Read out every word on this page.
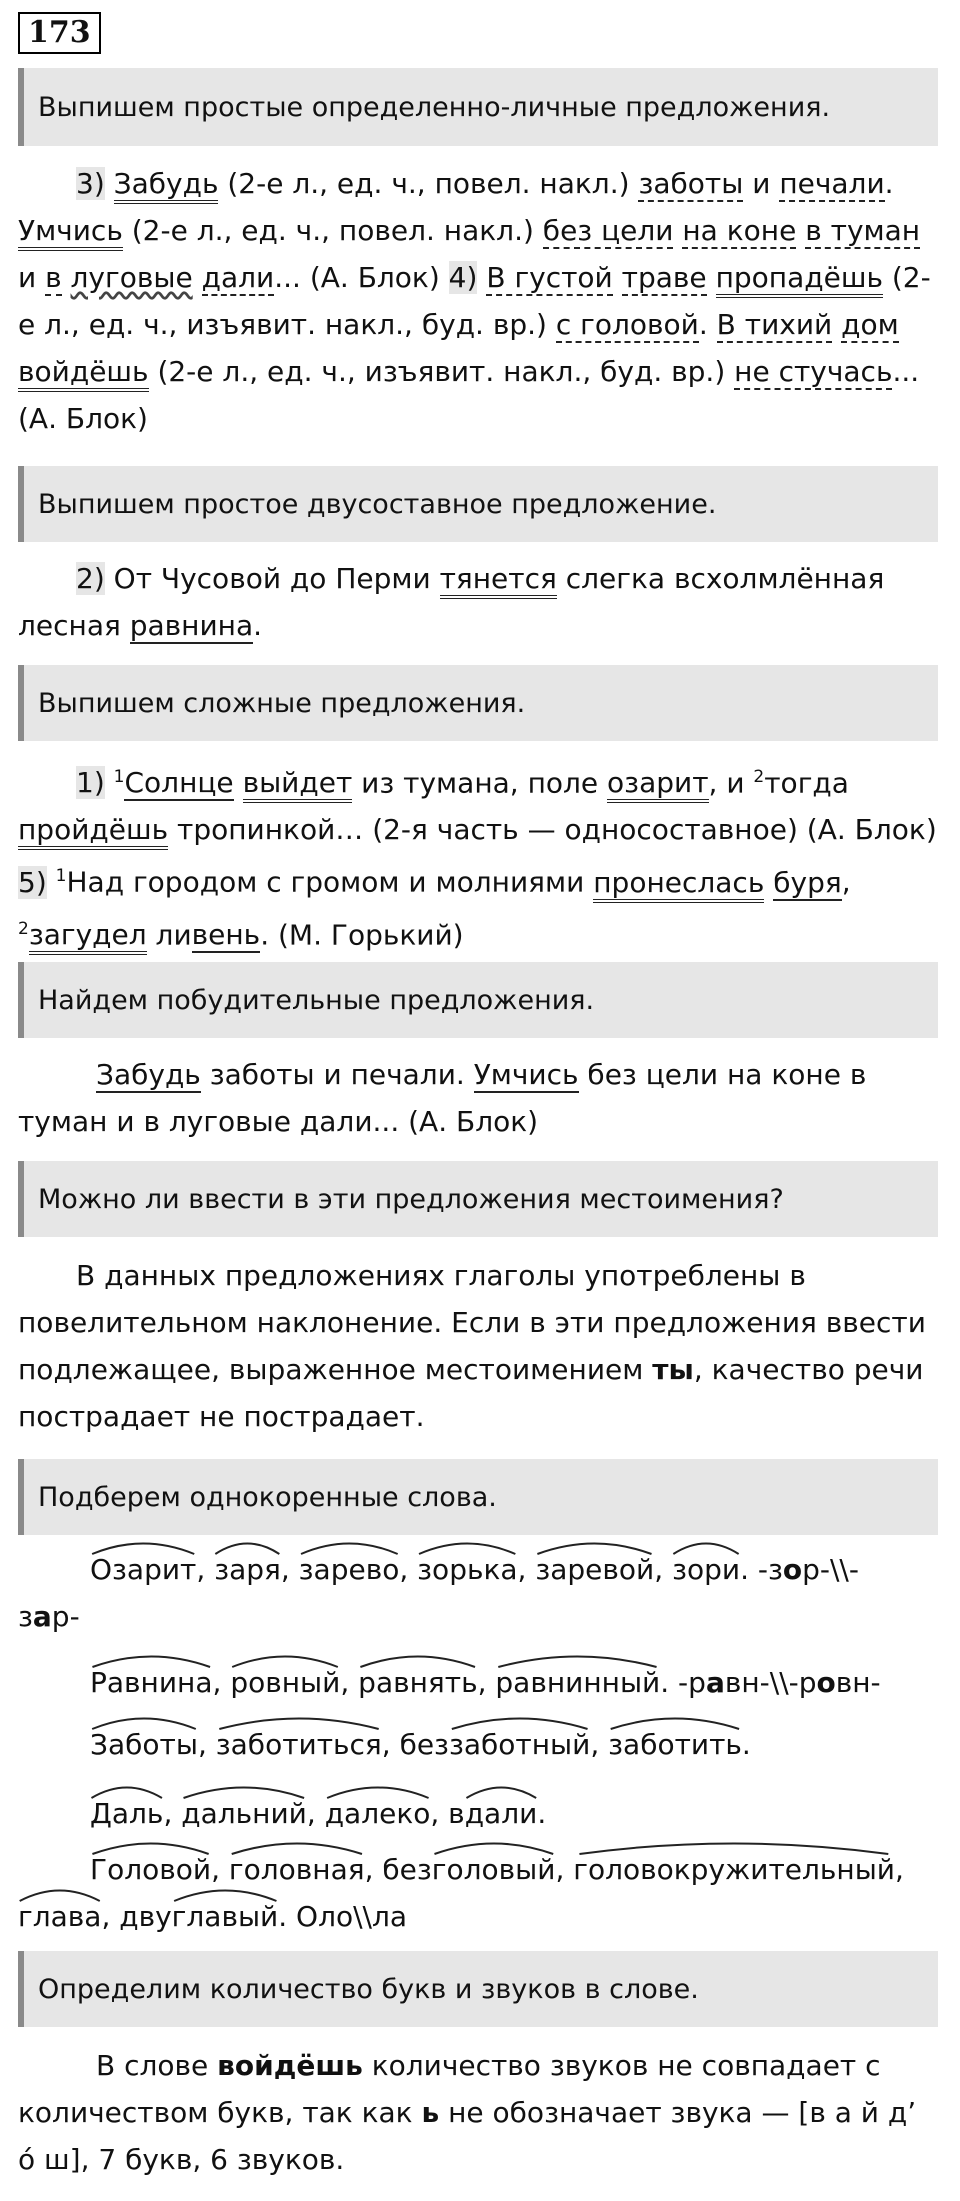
173
Выпишем простые определенно-личные предложения.
3) Забудь (2-е л., ед. ч., повел. накл.) заботы и печали.
Умчись (2-е л., ед. ч., повел. накл.) без цели на коне в туман
и в луговые дали... (А. Блок) 4) В густой траве пропадёшь (2-е л., ед. ч., изъявит. накл., буд. вр.) с головой. В тихий дом войдёшь (2-е л., ед. ч., изъявит. накл., буд. вр.) не стучась... (А. Блок)
Выпишем простое двусоставное предложение.
2) От Чусовой до Перми тянется слегка всхолмлённая лесная равнина.
Выпишем сложные предложения.
1) $^1$Солнце выйдет из тумана, поле озарит, и $^2$тогда пройдёшь тропинкой… (2-я часть — односоставное) (А. Блок) 5) $^1$Над городом с громом и молниями пронеслась буря, $^2$загудел ливень. (М. Горький)
Найдем побудительные предложения.
Забудь заботы и печали. Умчись без цели на коне в туман и в луговые дали... (А. Блок)
Можно ли ввести в эти предложения местоимения?
В данных предложениях глаголы употреблены в повелительном наклонение. Если в эти предложения ввести подлежащее, выраженное местоимением ты, качество речи пострадает не пострадает.
Подберем однокоренные слова.
Озарит
, заря
, зарево
, зорька
, заревой
, зори
. -зор-\\-
зар-
Равнина
, ровный
, равнять
, равнинный
. -равн-\\-ровн-
Заботы
, заботиться
, беззаботный
, заботить
.
Даль
, дальний
, далеко
, вдали
.
Головой
, головная
, безголовый
, головокружительный
,
глава
, двуглавый
. Оло\\ла
Определим количество букв и звуков в слове.
В слове войдёшь количество звуков не совпадает с количеством букв, так как ь не обозначает звука — [в а й д’ о́ ш], 7 букв, 6 звуков.
